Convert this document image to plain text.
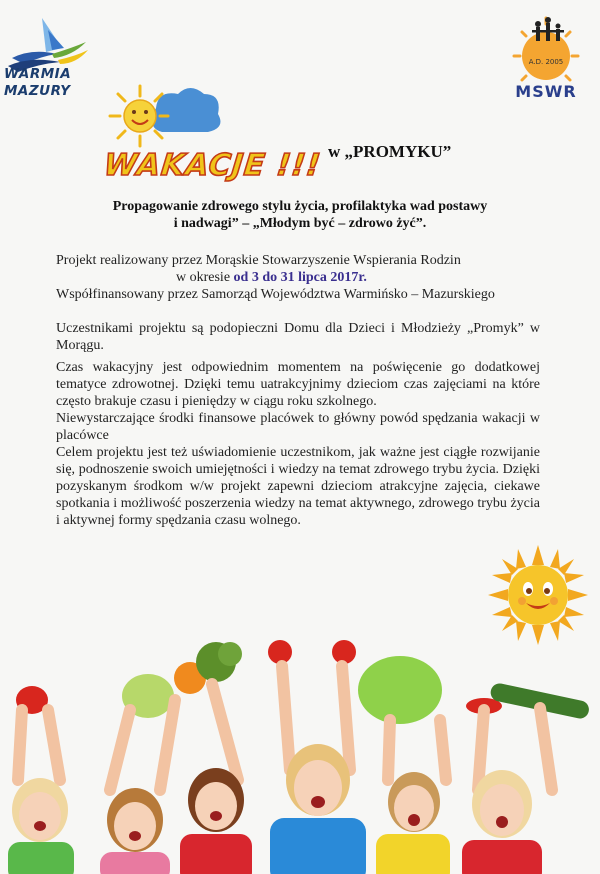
WARMIA
MAZURY
A.D. 2005
MSWR
WAKACJE !!! w „PROMYKU”
Propagowanie zdrowego stylu życia, profilaktyka wad postawy
i nadwagi” – „Młodym być – zdrowo żyć”.
Projekt realizowany przez Morąskie Stowarzyszenie Wspierania Rodzin
w okresie od 3 do 31 lipca 2017r.
Współfinansowany przez Samorząd Województwa Warmińsko – Mazurskiego

Uczestnikami projektu są podopieczni Domu dla Dzieci i Młodzieży „Promyk” w Morągu.

Czas wakacyjny jest odpowiednim momentem na poświęcenie go dodatkowej tematyce zdrowotnej. Dzięki temu uatrakcyjnimy dzieciom czas zajęciami na które często brakuje czasu i pieniędzy w ciągu roku szkolnego.

Niewystarczające środki finansowe placówek to główny powód spędzania wakacji w placówce

Celem projektu jest też uświadomienie uczestnikom, jak ważne jest ciągłe rozwijanie się, podnoszenie swoich umiejętności i wiedzy na temat zdrowego trybu życia. Dzięki pozyskanym środkom w/w projekt zapewni dzieciom atrakcyjne zajęcia, ciekawe spotkania i możliwość poszerzenia wiedzy na temat aktywnego, zdrowego trybu życia i aktywnej formy spędzania czasu wolnego.
